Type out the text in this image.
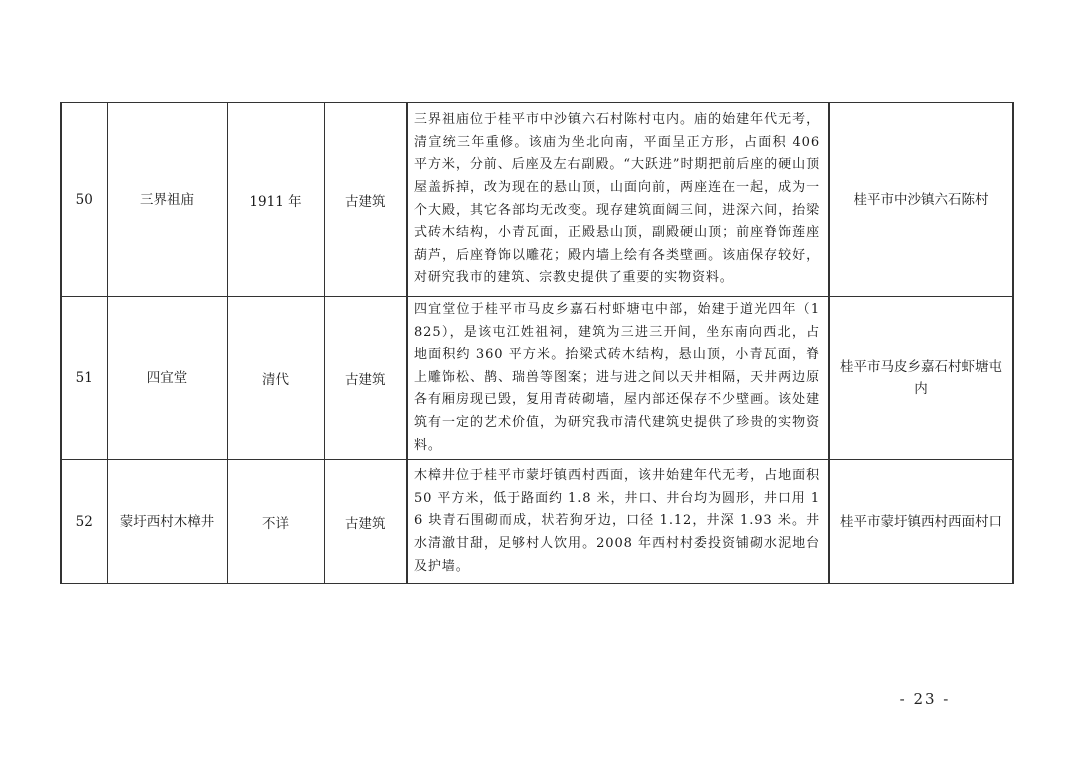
50	三界祖庙	1911 年	古建筑	三界祖庙位于桂平市中沙镇六石村陈村屯内。庙的始建年代无考，清宣统三年重修。该庙为坐北向南，平面呈正方形，占面积 406 平方米，分前、后座及左右副殿。“大跃进”时期把前后座的硬山顶屋盖拆掉，改为现在的悬山顶，山面向前，两座连在一起，成为一个大殿，其它各部均无改变。现存建筑面阔三间，进深六间，抬梁式砖木结构，小青瓦面，正殿悬山顶，副殿硬山顶；前座脊饰莲座葫芦，后座脊饰以雕花；殿内墙上绘有各类壁画。该庙保存较好，对研究我市的建筑、宗教史提供了重要的实物资料。	桂平市中沙镇六石陈村
51	四宜堂	清代	古建筑	四宜堂位于桂平市马皮乡嘉石村虾塘屯中部，始建于道光四年（1825），是该屯江姓祖祠，建筑为三进三开间，坐东南向西北，占地面积约 360 平方米。抬梁式砖木结构，悬山顶，小青瓦面，脊上雕饰松、鹊、瑞兽等图案；进与进之间以天井相隔，天井两边原各有厢房现已毁，复用青砖砌墙，屋内部还保存不少壁画。该处建筑有一定的艺术价值，为研究我市清代建筑史提供了珍贵的实物资料。	桂平市马皮乡嘉石村虾塘屯内
52	蒙圩西村木樟井	不详	古建筑	木樟井位于桂平市蒙圩镇西村西面，该井始建年代无考，占地面积 50 平方米，低于路面约 1.8 米，井口、井台均为圆形，井口用 16 块青石围砌而成，状若狗牙边，口径 1.12，井深 1.93 米。井水清澈甘甜，足够村人饮用。2008 年西村村委投资铺砌水泥地台及护墙。	桂平市蒙圩镇西村西面村口
- 23 -
